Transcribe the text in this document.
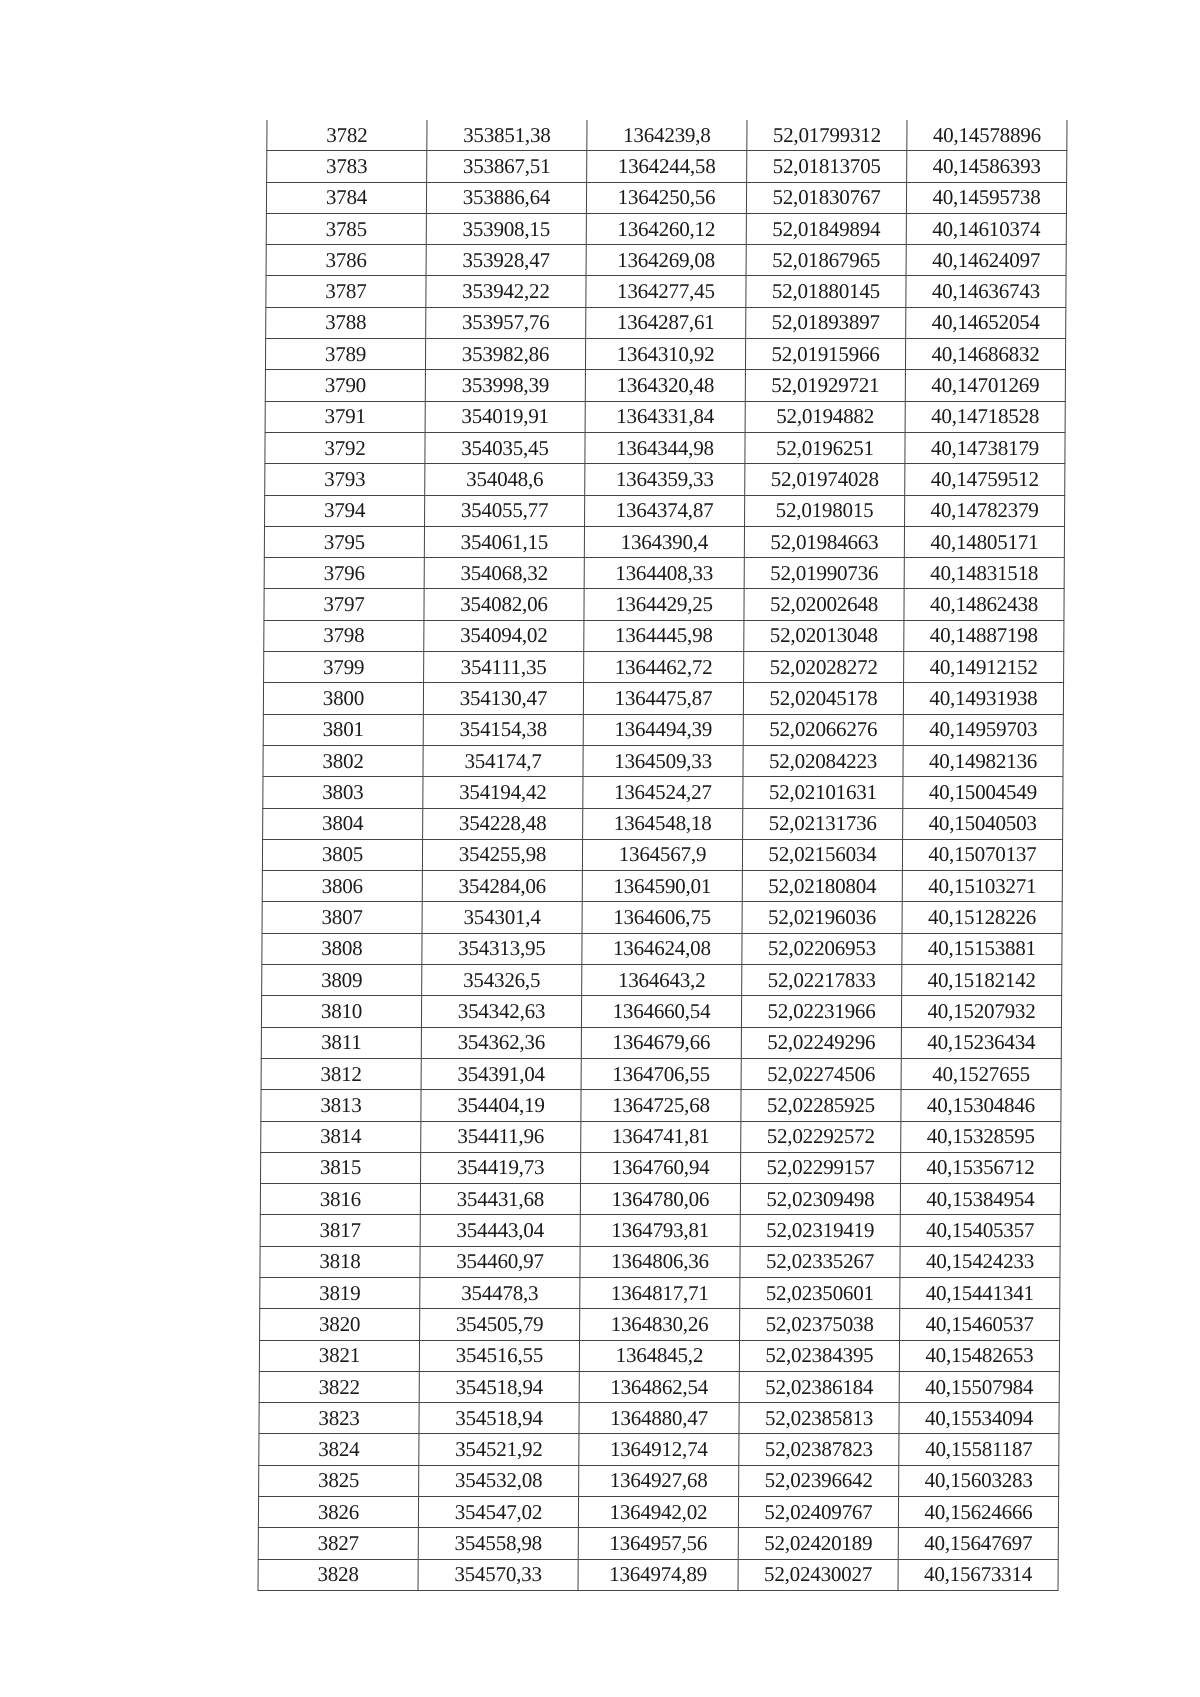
3782	353851,38	1364239,8	52,01799312	40,14578896
3783	353867,51	1364244,58	52,01813705	40,14586393
3784	353886,64	1364250,56	52,01830767	40,14595738
3785	353908,15	1364260,12	52,01849894	40,14610374
3786	353928,47	1364269,08	52,01867965	40,14624097
3787	353942,22	1364277,45	52,01880145	40,14636743
3788	353957,76	1364287,61	52,01893897	40,14652054
3789	353982,86	1364310,92	52,01915966	40,14686832
3790	353998,39	1364320,48	52,01929721	40,14701269
3791	354019,91	1364331,84	52,0194882	40,14718528
3792	354035,45	1364344,98	52,0196251	40,14738179
3793	354048,6	1364359,33	52,01974028	40,14759512
3794	354055,77	1364374,87	52,0198015	40,14782379
3795	354061,15	1364390,4	52,01984663	40,14805171
3796	354068,32	1364408,33	52,01990736	40,14831518
3797	354082,06	1364429,25	52,02002648	40,14862438
3798	354094,02	1364445,98	52,02013048	40,14887198
3799	354111,35	1364462,72	52,02028272	40,14912152
3800	354130,47	1364475,87	52,02045178	40,14931938
3801	354154,38	1364494,39	52,02066276	40,14959703
3802	354174,7	1364509,33	52,02084223	40,14982136
3803	354194,42	1364524,27	52,02101631	40,15004549
3804	354228,48	1364548,18	52,02131736	40,15040503
3805	354255,98	1364567,9	52,02156034	40,15070137
3806	354284,06	1364590,01	52,02180804	40,15103271
3807	354301,4	1364606,75	52,02196036	40,15128226
3808	354313,95	1364624,08	52,02206953	40,15153881
3809	354326,5	1364643,2	52,02217833	40,15182142
3810	354342,63	1364660,54	52,02231966	40,15207932
3811	354362,36	1364679,66	52,02249296	40,15236434
3812	354391,04	1364706,55	52,02274506	40,1527655
3813	354404,19	1364725,68	52,02285925	40,15304846
3814	354411,96	1364741,81	52,02292572	40,15328595
3815	354419,73	1364760,94	52,02299157	40,15356712
3816	354431,68	1364780,06	52,02309498	40,15384954
3817	354443,04	1364793,81	52,02319419	40,15405357
3818	354460,97	1364806,36	52,02335267	40,15424233
3819	354478,3	1364817,71	52,02350601	40,15441341
3820	354505,79	1364830,26	52,02375038	40,15460537
3821	354516,55	1364845,2	52,02384395	40,15482653
3822	354518,94	1364862,54	52,02386184	40,15507984
3823	354518,94	1364880,47	52,02385813	40,15534094
3824	354521,92	1364912,74	52,02387823	40,15581187
3825	354532,08	1364927,68	52,02396642	40,15603283
3826	354547,02	1364942,02	52,02409767	40,15624666
3827	354558,98	1364957,56	52,02420189	40,15647697
3828	354570,33	1364974,89	52,02430027	40,15673314
